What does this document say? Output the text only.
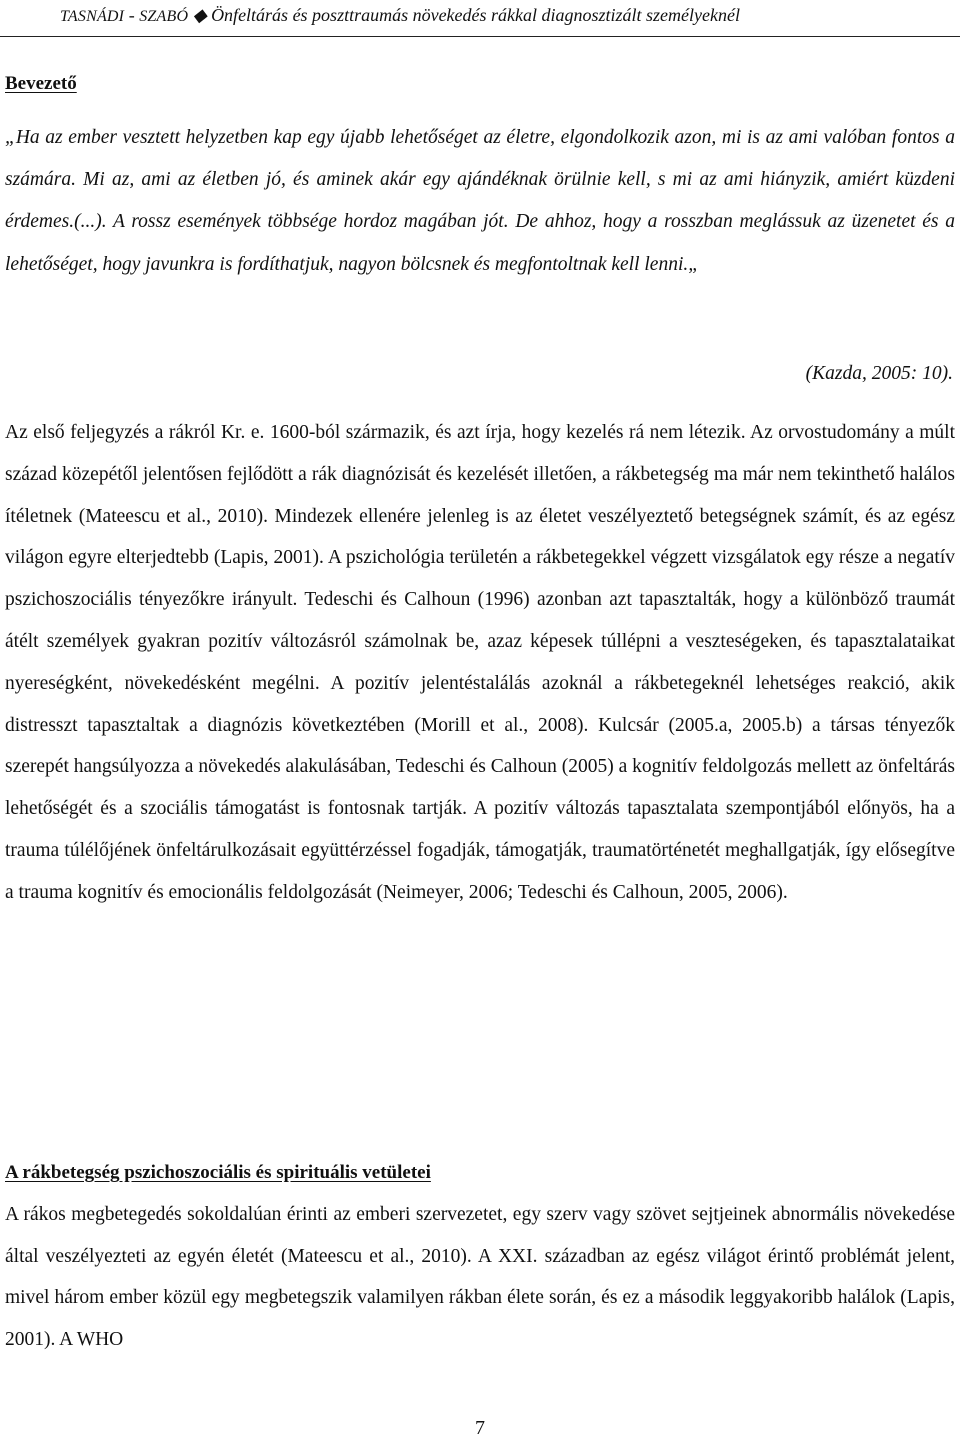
TASNÁDI - SZABÓ ◆ Önfeltárás és poszttraumás növekedés rákkal diagnosztizált személyeknél
Bevezető
„Ha az ember vesztett helyzetben kap egy újabb lehetőséget az életre, elgondolkozik azon, mi is az ami valóban fontos a számára. Mi az, ami az életben jó, és aminek akár egy ajándéknak örülnie kell, s mi az ami hiányzik, amiért küzdeni érdemes.(...). A rossz események többsége hordoz magában jót. De ahhoz, hogy a rosszban meglássuk az üzenetet és a lehetőséget, hogy javunkra is fordíthatjuk, nagyon bölcsnek és megfontoltnak kell lenni.„
(Kazda, 2005: 10).
Az első feljegyzés a rákról Kr. e. 1600-ból származik, és azt írja, hogy kezelés rá nem létezik. Az orvostudomány a múlt század közepétől jelentősen fejlődött a rák diagnózisát és kezelését illetően, a rákbetegség ma már nem tekinthető halálos ítéletnek (Mateescu et al., 2010). Mindezek ellenére jelenleg is az életet veszélyeztető betegségnek számít, és az egész világon egyre elterjedtebb (Lapis, 2001). A pszichológia területén a rákbetegekkel végzett vizsgálatok egy része a negatív pszichoszociális tényezőkre irányult. Tedeschi és Calhoun (1996) azonban azt tapasztalták, hogy a különböző traumát átélt személyek gyakran pozitív változásról számolnak be, azaz képesek túllépni a veszteségeken, és tapasztalataikat nyereségként, növekedésként megélni. A pozitív jelentéstalálás azoknál a rákbetegeknél lehetséges reakció, akik distresszt tapasztaltak a diagnózis következtében (Morill et al., 2008). Kulcsár (2005.a, 2005.b) a társas tényezők szerepét hangsúlyozza a növekedés alakulásában, Tedeschi és Calhoun (2005) a kognitív feldolgozás mellett az önfeltárás lehetőségét és a szociális támogatást is fontosnak tartják. A pozitív változás tapasztalata szempontjából előnyös, ha a trauma túlélőjének önfeltárulkozásait együttérzéssel fogadják, támogatják, traumatörténetét meghallgatják, így elősegítve a trauma kognitív és emocionális feldolgozását (Neimeyer, 2006; Tedeschi és Calhoun, 2005, 2006).
A rákbetegség pszichoszociális és spirituális vetületei
A rákos megbetegedés sokoldalúan érinti az emberi szervezetet, egy szerv vagy szövet sejtjeinek abnormális növekedése által veszélyezteti az egyén életét (Mateescu et al., 2010). A XXI. században az egész világot érintő problémát jelent, mivel három ember közül egy megbetegszik valamilyen rákban élete során, és ez a második leggyakoribb halálok (Lapis, 2001). A WHO
7
